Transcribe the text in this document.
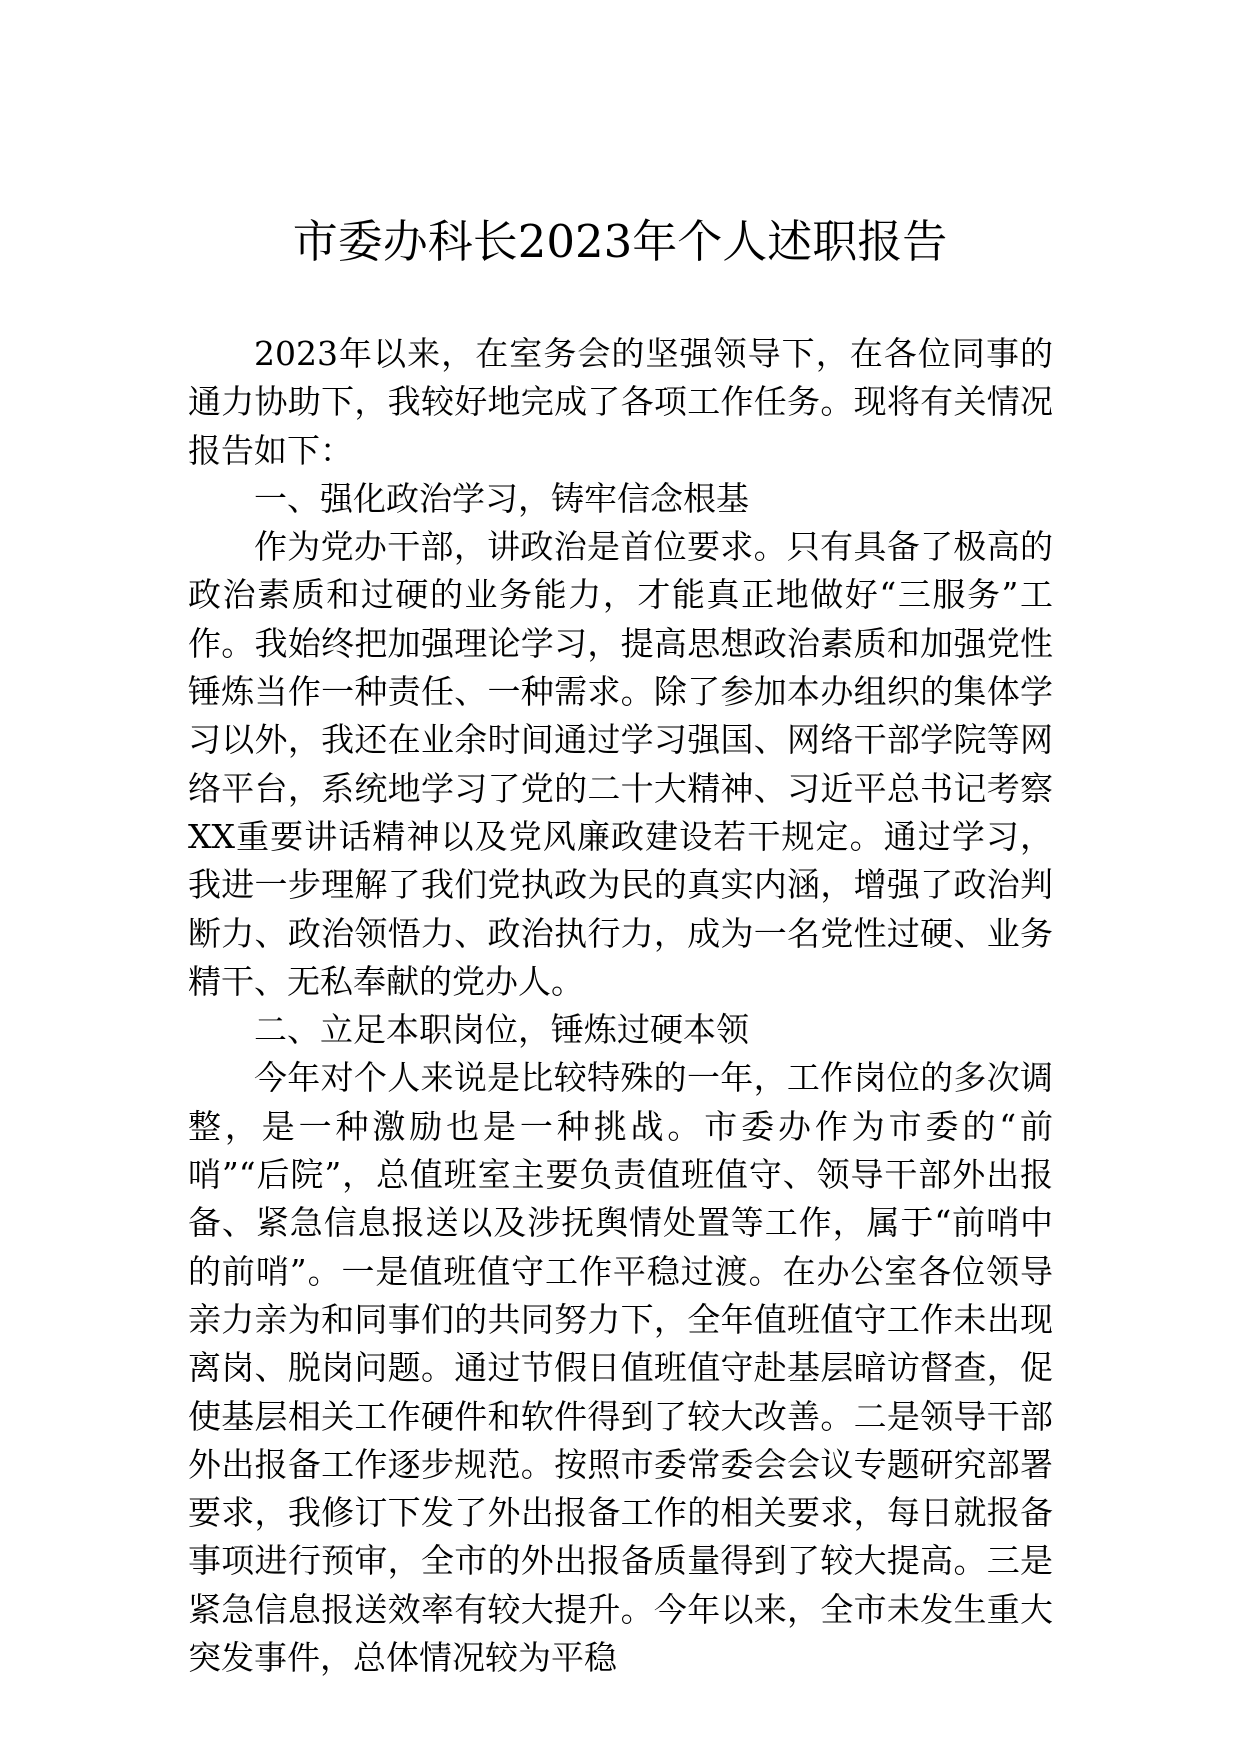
市委办科长2023年个人述职报告

2023年以来，在室务会的坚强领导下，在各位同事的通力协助下，我较好地完成了各项工作任务。现将有关情况报告如下：

一、强化政治学习，铸牢信念根基

作为党办干部，讲政治是首位要求。只有具备了极高的政治素质和过硬的业务能力，才能真正地做好“三服务”工作。我始终把加强理论学习，提高思想政治素质和加强党性锤炼当作一种责任、一种需求。除了参加本办组织的集体学习以外，我还在业余时间通过学习强国、网络干部学院等网络平台，系统地学习了党的二十大精神、习近平总书记考察XX重要讲话精神以及党风廉政建设若干规定。通过学习，我进一步理解了我们党执政为民的真实内涵，增强了政治判断力、政治领悟力、政治执行力，成为一名党性过硬、业务精干、无私奉献的党办人。

二、立足本职岗位，锤炼过硬本领

今年对个人来说是比较特殊的一年，工作岗位的多次调整，是一种激励也是一种挑战。市委办作为市委的“前哨”“后院”，总值班室主要负责值班值守、领导干部外出报备、紧急信息报送以及涉抚舆情处置等工作，属于“前哨中的前哨”。一是值班值守工作平稳过渡。在办公室各位领导亲力亲为和同事们的共同努力下，全年值班值守工作未出现离岗、脱岗问题。通过节假日值班值守赴基层暗访督查，促使基层相关工作硬件和软件得到了较大改善。二是领导干部外出报备工作逐步规范。按照市委常委会会议专题研究部署要求，我修订下发了外出报备工作的相关要求，每日就报备事项进行预审，全市的外出报备质量得到了较大提高。三是紧急信息报送效率有较大提升。今年以来，全市未发生重大突发事件，总体情况较为平稳
